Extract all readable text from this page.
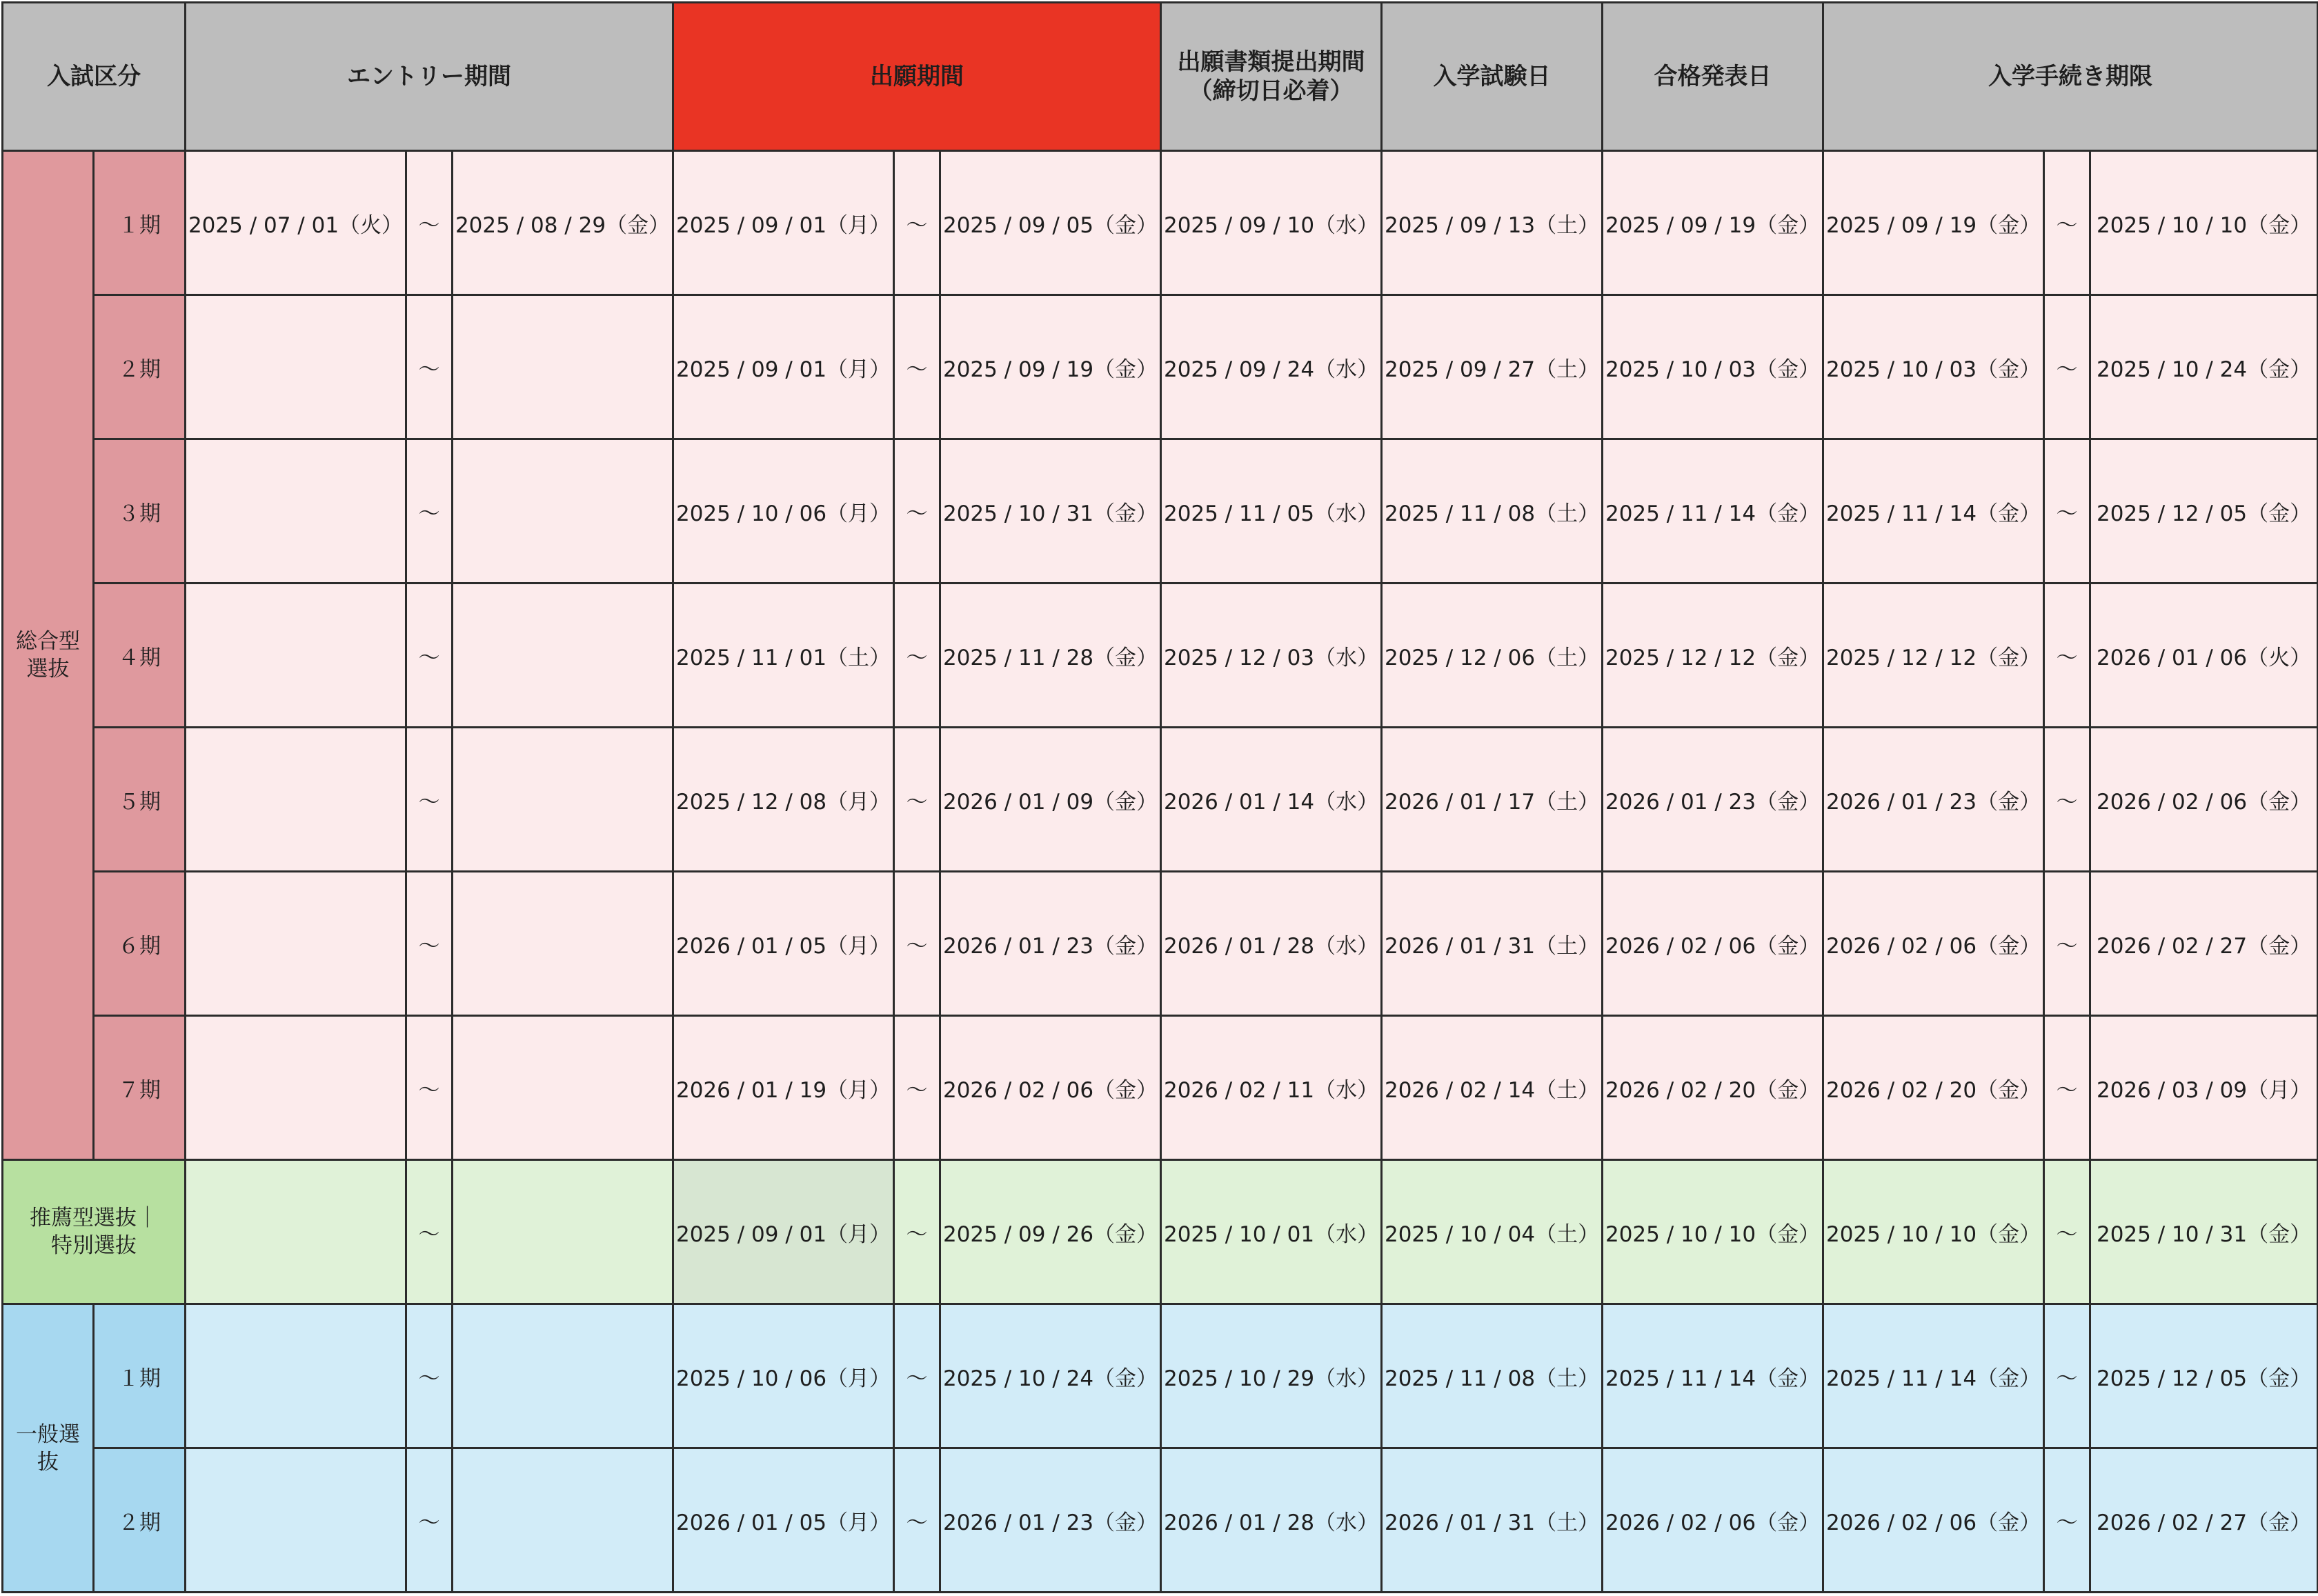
入試区分		エントリー期間			出願期間			出願書類提出期間（締切日必着）	入学試験日	合格発表日	入学手続き期限		
総合型選抜	１期	2025 / 07 / 01（火）	〜	2025 / 08 / 29（金）	2025 / 09 / 01（月）	〜	2025 / 09 / 05（金）	2025 / 09 / 10（水）	2025 / 09 / 13（土）	2025 / 09 / 19（金）	2025 / 09 / 19（金）	〜	2025 / 10 / 10（金）
	２期		〜		2025 / 09 / 01（月）	〜	2025 / 09 / 19（金）	2025 / 09 / 24（水）	2025 / 09 / 27（土）	2025 / 10 / 03（金）	2025 / 10 / 03（金）	〜	2025 / 10 / 24（金）
	３期		〜		2025 / 10 / 06（月）	〜	2025 / 10 / 31（金）	2025 / 11 / 05（水）	2025 / 11 / 08（土）	2025 / 11 / 14（金）	2025 / 11 / 14（金）	〜	2025 / 12 / 05（金）
	４期		〜		2025 / 11 / 01（土）	〜	2025 / 11 / 28（金）	2025 / 12 / 03（水）	2025 / 12 / 06（土）	2025 / 12 / 12（金）	2025 / 12 / 12（金）	〜	2026 / 01 / 06（火）
	５期		〜		2025 / 12 / 08（月）	〜	2026 / 01 / 09（金）	2026 / 01 / 14（水）	2026 / 01 / 17（土）	2026 / 01 / 23（金）	2026 / 01 / 23（金）	〜	2026 / 02 / 06（金）
	６期		〜		2026 / 01 / 05（月）	〜	2026 / 01 / 23（金）	2026 / 01 / 28（水）	2026 / 01 / 31（土）	2026 / 02 / 06（金）	2026 / 02 / 06（金）	〜	2026 / 02 / 27（金）
	７期		〜		2026 / 01 / 19（月）	〜	2026 / 02 / 06（金）	2026 / 02 / 11（水）	2026 / 02 / 14（土）	2026 / 02 / 20（金）	2026 / 02 / 20（金）	〜	2026 / 03 / 09（月）
推薦型選抜｜特別選抜			〜		2025 / 09 / 01（月）	〜	2025 / 09 / 26（金）	2025 / 10 / 01（水）	2025 / 10 / 04（土）	2025 / 10 / 10（金）	2025 / 10 / 10（金）	〜	2025 / 10 / 31（金）
一般選抜	１期		〜		2025 / 10 / 06（月）	〜	2025 / 10 / 24（金）	2025 / 10 / 29（水）	2025 / 11 / 08（土）	2025 / 11 / 14（金）	2025 / 11 / 14（金）	〜	2025 / 12 / 05（金）
	２期		〜		2026 / 01 / 05（月）	〜	2026 / 01 / 23（金）	2026 / 01 / 28（水）	2026 / 01 / 31（土）	2026 / 02 / 06（金）	2026 / 02 / 06（金）	〜	2026 / 02 / 27（金）
